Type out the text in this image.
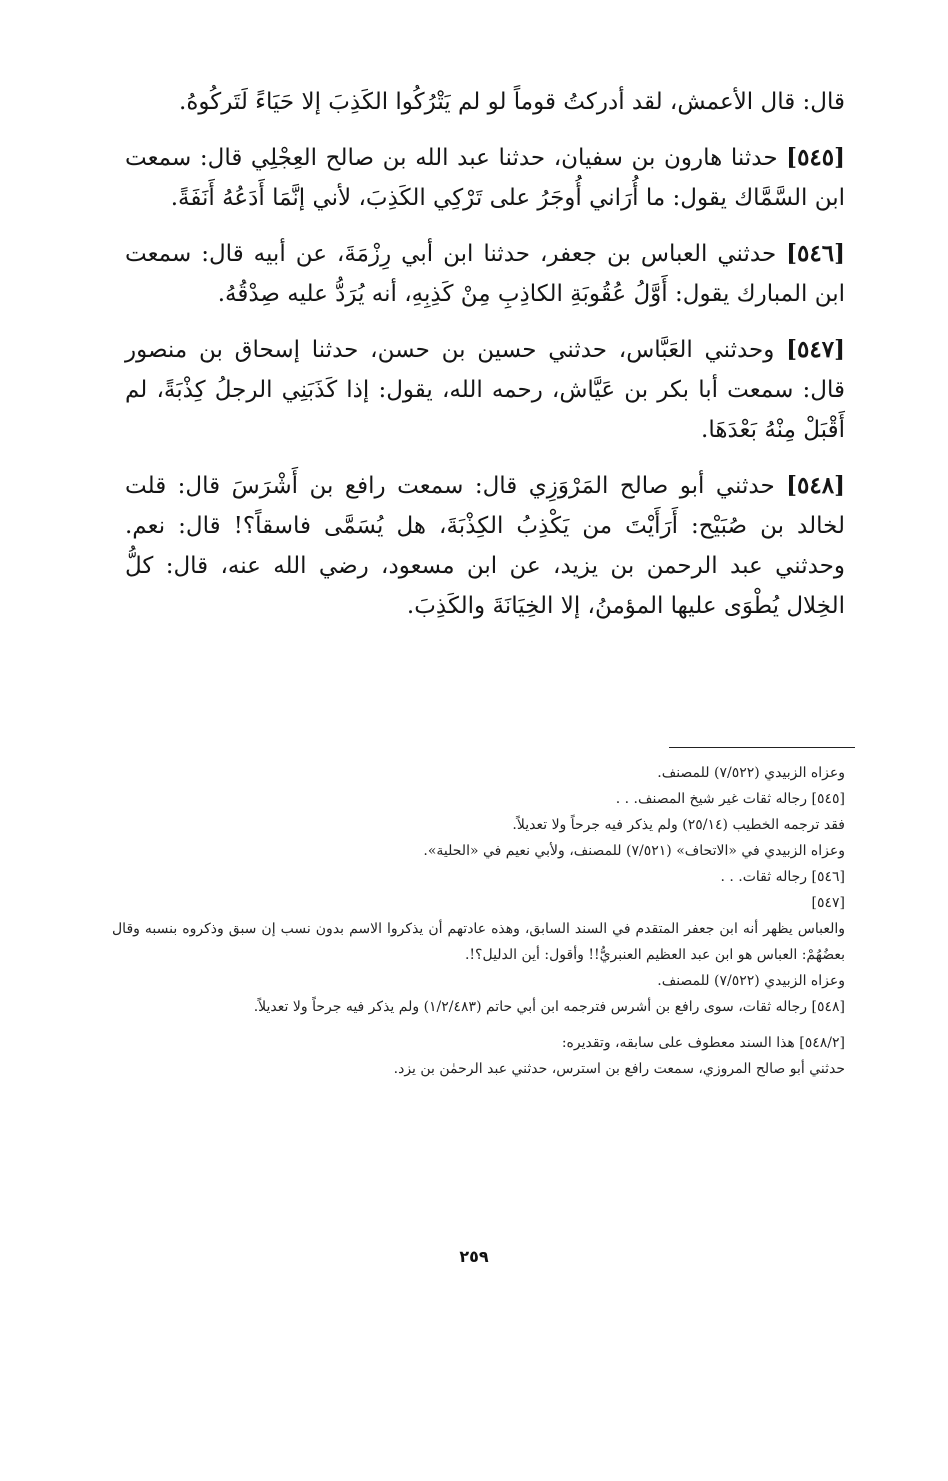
قال: قال الأعمش، لقد أدركتُ قوماً لو لم يَتْرُكُوا الكَذِبَ إلا حَيَاءً لَتَركُوهُ.

[٥٤٥] حدثنا هارون بن سفيان، حدثنا عبد الله بن صالح العِجْلِي قال: سمعت ابن السَّمَّاك يقول: ما أُرَاني أُوجَرُ على تَرْكِي الكَذِبَ، لأني إنَّمَا أَدَعُهُ أَنَفَةً.

[٥٤٦] حدثني العباس بن جعفر، حدثنا ابن أبي رِزْمَةَ، عن أبيه قال: سمعت ابن المبارك يقول: أَوَّلُ عُقُوبَةِ الكاذِبِ مِنْ كَذِبِهِ، أنه يُرَدُّ عليه صِدْقُهُ.

[٥٤٧] وحدثني العَبَّاس، حدثني حسين بن حسن، حدثنا إسحاق بن منصور قال: سمعت أبا بكر بن عَيَّاش، رحمه الله، يقول: إذا كَذَبَنِي الرجلُ كِذْبَةً، لم أَقْبَلْ مِنْهُ بَعْدَهَا.

[٥٤٨] حدثني أبو صالح المَرْوَزِي قال: سمعت رافع بن أَشْرَسَ قال: قلت لخالد بن صُبَيْح: أَرَأَيْتَ من يَكْذِبُ الكِذْبَةَ، هل يُسَمَّى فاسقاً؟! قال: نعم. وحدثني عبد الرحمن بن يزيد، عن ابن مسعود، رضي الله عنه، قال: كلُّ الخِلال يُطْوَى عليها المؤمنُ، إلا الخِيَانَةَ والكَذِبَ.

وعزاه الزبيدي (٧/٥٢٢) للمصنف.

[٥٤٥] رجاله ثقات غير شيخ المصنف. . .

فقد ترجمه الخطيب (٢٥/١٤) ولم يذكر فيه جرحاً ولا تعديلاً.

وعزاه الزبيدي في «الاتحاف» (٧/٥٢١) للمصنف، ولأبي نعيم في «الحلية».

[٥٤٦] رجاله ثقات. . .

[٥٤٧]

والعباس يظهر أنه ابن جعفر المتقدم في السند السابق، وهذه عادتهم أن يذكروا الاسم بدون نسب إن سبق وذكروه بنسبه وقال بعضُهُمْ: العباس هو ابن عبد العظيم العنبريُّ!! وأقول: أين الدليل؟!.

وعزاه الزبيدي (٧/٥٢٢) للمصنف.

[٥٤٨] رجاله ثقات، سوى رافع بن أشرس فترجمه ابن أبي حاتم (١/٢/٤٨٣) ولم يذكر فيه جرحاً ولا تعديلاً.

[٥٤٨/٢] هذا السند معطوف على سابقه، وتقديره:

حدثني أبو صالح المروزي، سمعت رافع بن استرس، حدثني عبد الرحمٰن بن يزد.

٢٥٩
